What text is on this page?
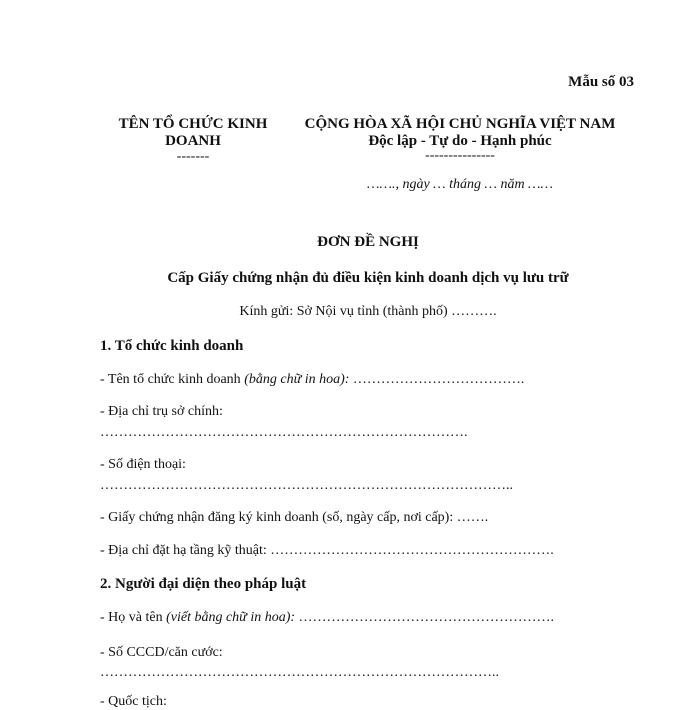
Mẫu số 03
TÊN TỔ CHỨC KINH
DOANH
-------
CỘNG HÒA XÃ HỘI CHỦ NGHĨA VIỆT NAM
Độc lập - Tự do - Hạnh phúc
---------------
……., ngày … tháng … năm ……
ĐƠN ĐỀ NGHỊ
Cấp Giấy chứng nhận đủ điều kiện kinh doanh dịch vụ lưu trữ
Kính gửi: Sở Nội vụ tỉnh (thành phố) ……….
1. Tổ chức kinh doanh
- Tên tổ chức kinh doanh (bằng chữ in hoa): ……………………………….
- Địa chỉ trụ sở chính:
…………………………………………………………………….
- Số điện thoại:
……………………………………………………………………………..
- Giấy chứng nhận đăng ký kinh doanh (số, ngày cấp, nơi cấp): …….
- Địa chỉ đặt hạ tầng kỹ thuật: …………………………………………………….
2. Người đại diện theo pháp luật
- Họ và tên (viết bằng chữ in hoa): ……………………………………………….
- Số CCCD/căn cước:
…………………………………………………………………………..
- Quốc tịch:
